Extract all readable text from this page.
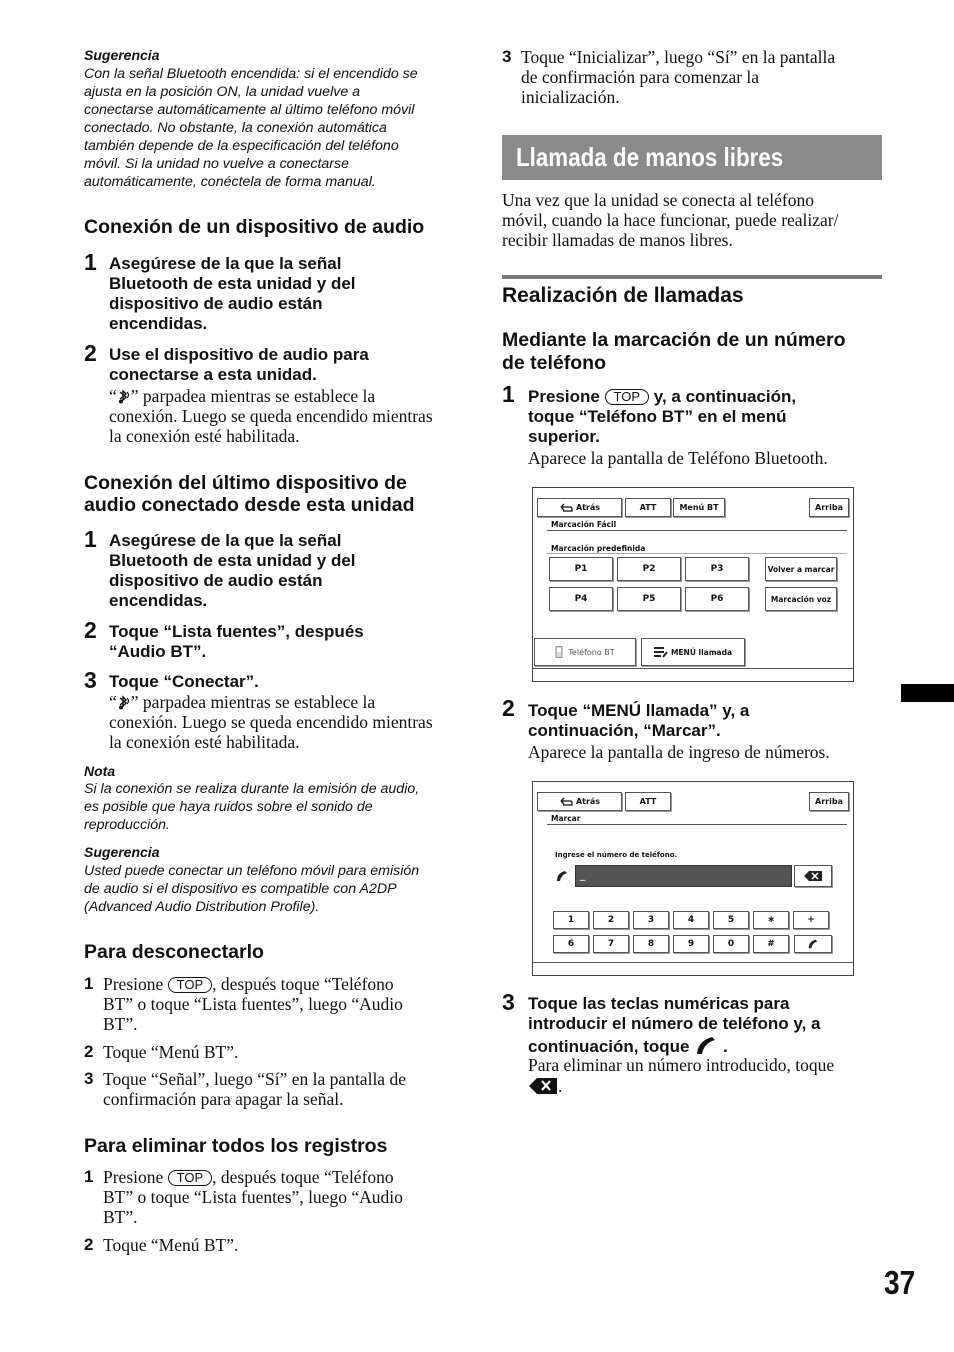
Sugerencia
Con la señal Bluetooth encendida: si el encendido se
ajusta en la posición ON, la unidad vuelve a
conectarse automáticamente al último teléfono móvil
conectado. No obstante, la conexión automática
también depende de la especificación del teléfono
móvil. Si la unidad no vuelve a conectarse
automáticamente, conéctela de forma manual.
Conexión de un dispositivo de audio
1 Asegúrese de la que la señal
Bluetooth de esta unidad y del
dispositivo de audio están
encendidas.
2 Use el dispositivo de audio para
conectarse a esta unidad.
“ ” parpadea mientras se establece la
conexión. Luego se queda encendido mientras
la conexión esté habilitada.
Conexión del último dispositivo de
audio conectado desde esta unidad
1 Asegúrese de la que la señal
Bluetooth de esta unidad y del
dispositivo de audio están
encendidas.
2 Toque “Lista fuentes”, después
“Audio BT”.
3 Toque “Conectar”.
“ ” parpadea mientras se establece la
conexión. Luego se queda encendido mientras
la conexión esté habilitada.
Nota
Si la conexión se realiza durante la emisión de audio,
es posible que haya ruidos sobre el sonido de
reproducción.
Sugerencia
Usted puede conectar un teléfono móvil para emisión
de audio si el dispositivo es compatible con A2DP
(Advanced Audio Distribution Profile).
Para desconectarlo
1 Presione TOP , después toque “Teléfono
BT” o toque “Lista fuentes”, luego “Audio
BT”.
2 Toque “Menú BT”.
3 Toque “Señal”, luego “Sí” en la pantalla de
confirmación para apagar la señal.
Para eliminar todos los registros
1 Presione TOP , después toque “Teléfono
BT” o toque “Lista fuentes”, luego “Audio
BT”.
2 Toque “Menú BT”.
3 Toque “Inicializar”, luego “Sí” en la pantalla
de confirmación para comenzar la
inicialización.
Llamada de manos libres
Una vez que la unidad se conecta al teléfono
móvil, cuando la hace funcionar, puede realizar/
recibir llamadas de manos libres.
Realización de llamadas
Mediante la marcación de un número
de teléfono
1 Presione TOP y, a continuación,
toque “Teléfono BT” en el menú
superior.
Aparece la pantalla de Teléfono Bluetooth.
Atrás	ATT	Menú BT	Arriba
Marcación Fácil
Marcación predefinida
P1	P2	P3
P4	P5	P6
Volver a marcar
Marcación voz
Teléfono BT	MENÚ llamada
2 Toque “MENÚ llamada” y, a
continuación, “Marcar”.
Aparece la pantalla de ingreso de números.
Atrás	ATT	Arriba
Marcar
Ingrese el número de teléfono.
_
1	2	3	4	5	∗	+
6	7	8	9	0	#
3 Toque las teclas numéricas para
introducir el número de teléfono y, a
continuación, toque  .
Para eliminar un número introducido, toque
.
37
